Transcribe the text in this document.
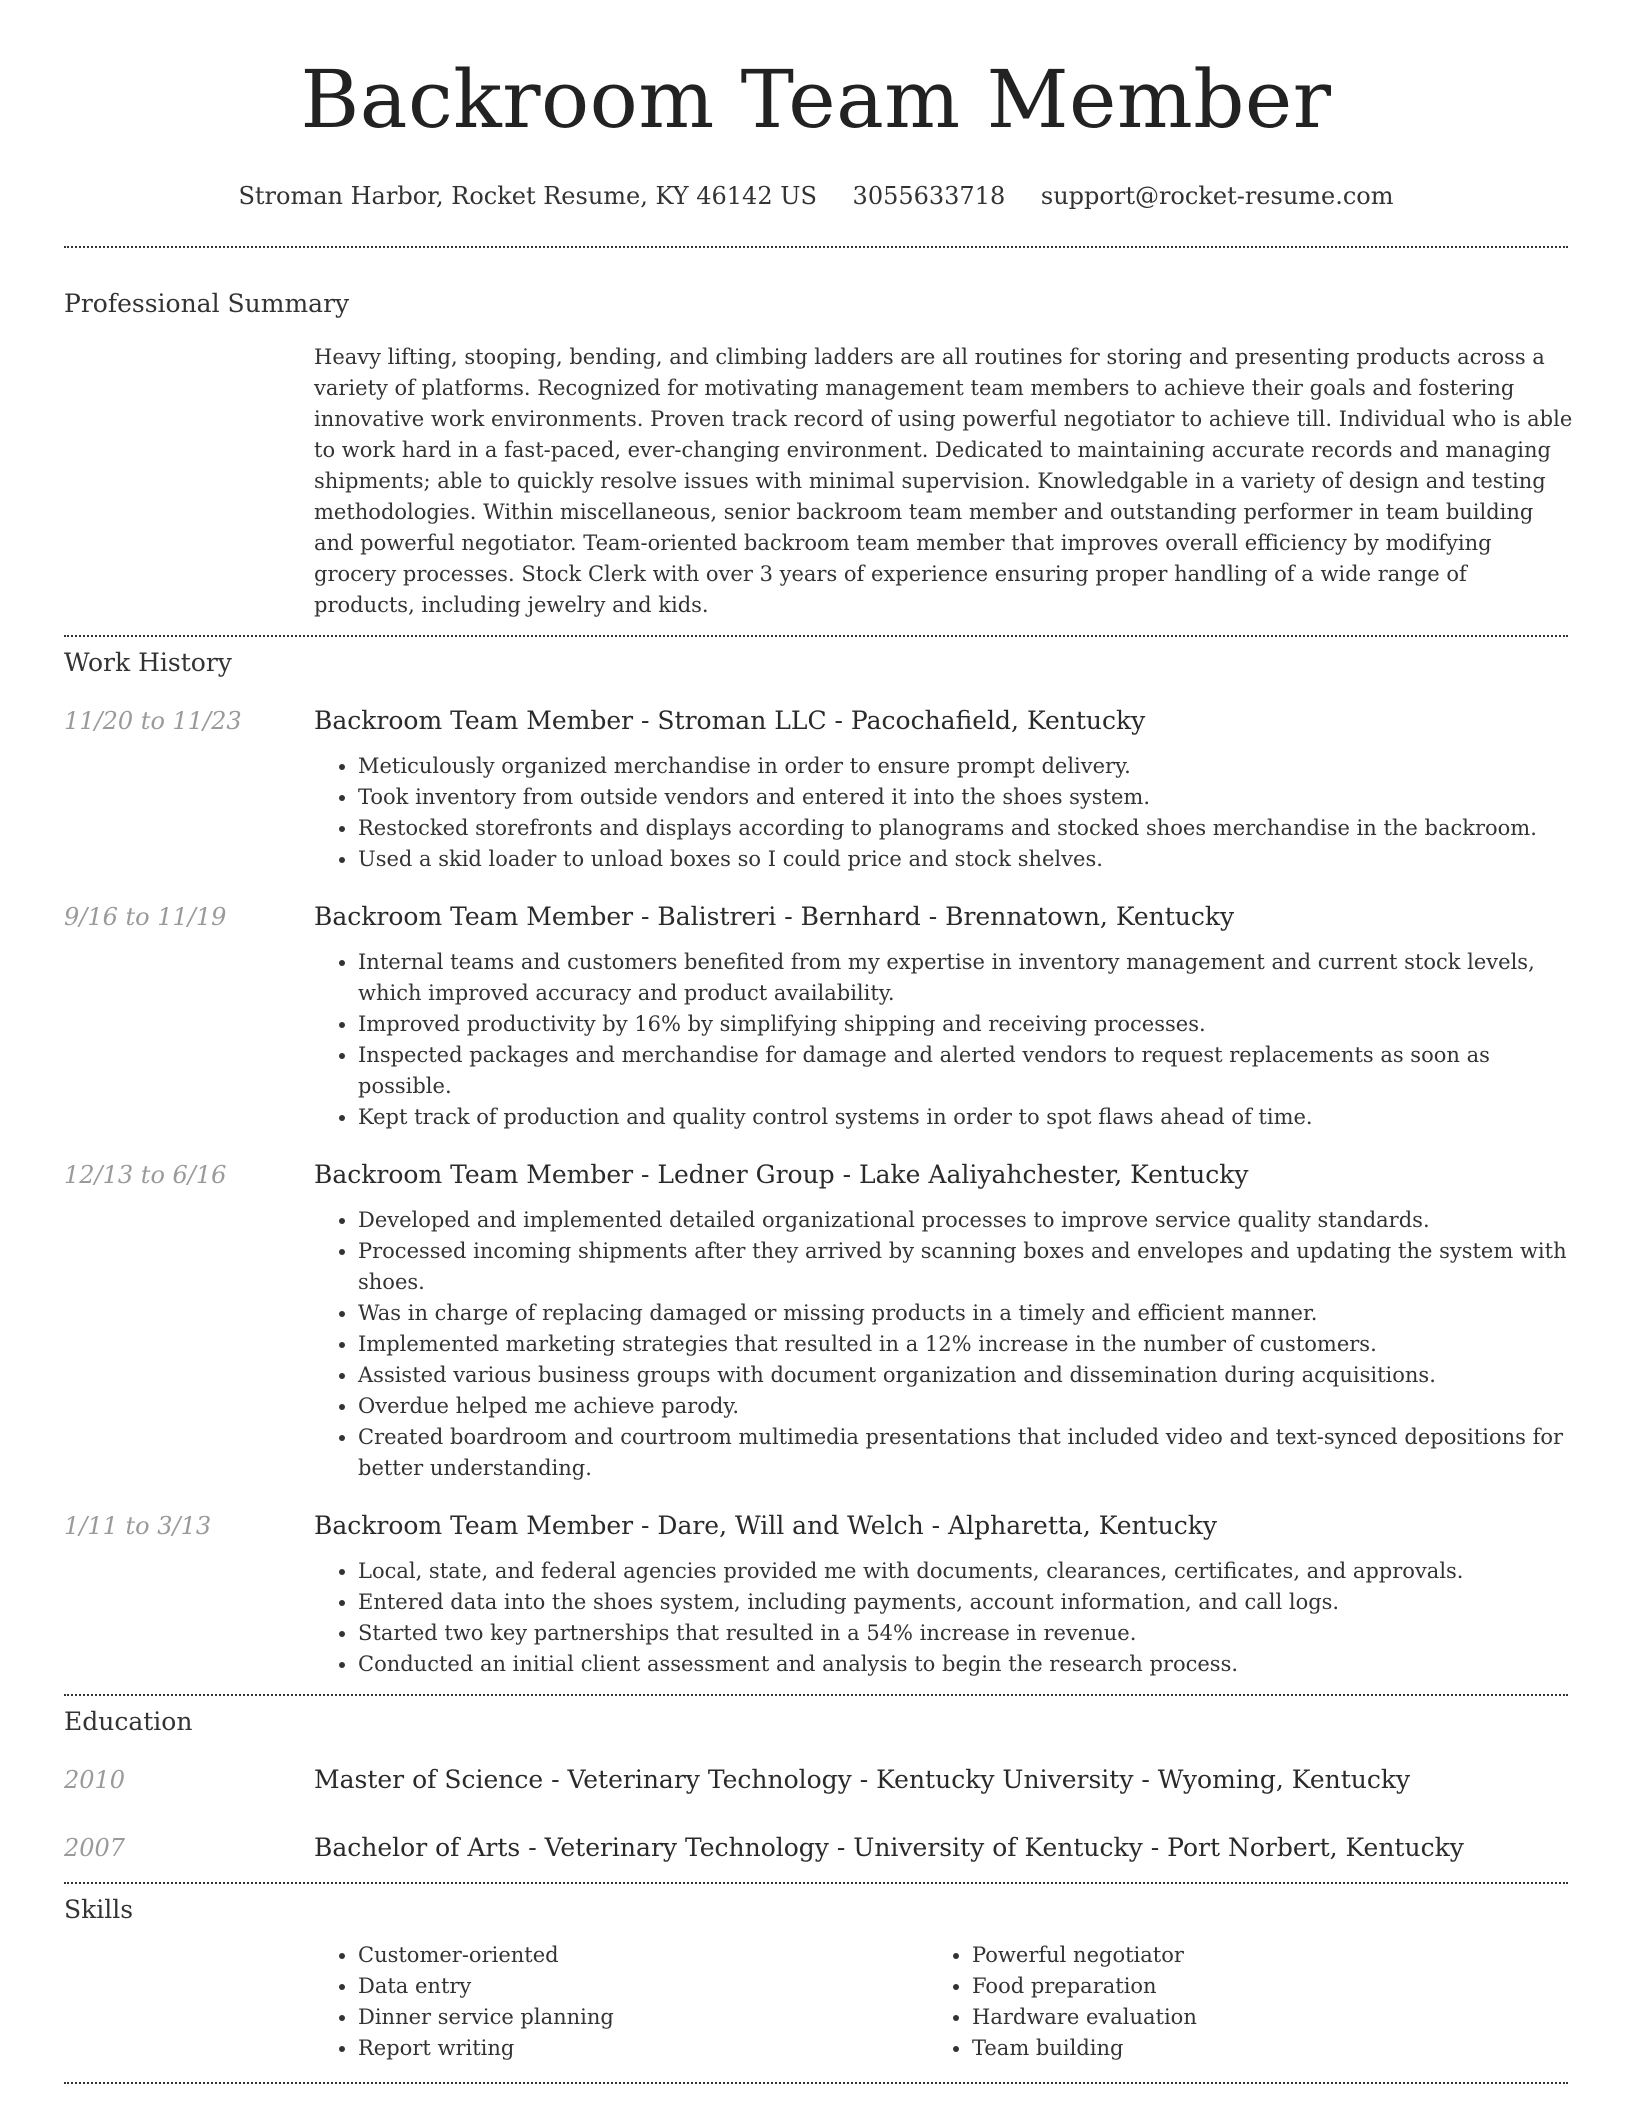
Backroom Team Member
Stroman Harbor, Rocket Resume, KY 46142 US 3055633718 support@rocket-resume.com
Professional Summary
Heavy lifting, stooping, bending, and climbing ladders are all routines for storing and presenting products across a variety of platforms. Recognized for motivating management team members to achieve their goals and fostering innovative work environments. Proven track record of using powerful negotiator to achieve till. Individual who is able to work hard in a fast-paced, ever-changing environment. Dedicated to maintaining accurate records and managing shipments; able to quickly resolve issues with minimal supervision. Knowledgable in a variety of design and testing methodologies. Within miscellaneous, senior backroom team member and outstanding performer in team building and powerful negotiator. Team-oriented backroom team member that improves overall efficiency by modifying grocery processes. Stock Clerk with over 3 years of experience ensuring proper handling of a wide range of products, including jewelry and kids.
Work History
11/20 to 11/23	Backroom Team Member - Stroman LLC - Pacochafield, Kentucky
• Meticulously organized merchandise in order to ensure prompt delivery.
• Took inventory from outside vendors and entered it into the shoes system.
• Restocked storefronts and displays according to planograms and stocked shoes merchandise in the backroom.
• Used a skid loader to unload boxes so I could price and stock shelves.
9/16 to 11/19	Backroom Team Member - Balistreri - Bernhard - Brennatown, Kentucky
• Internal teams and customers benefited from my expertise in inventory management and current stock levels, which improved accuracy and product availability.
• Improved productivity by 16% by simplifying shipping and receiving processes.
• Inspected packages and merchandise for damage and alerted vendors to request replacements as soon as possible.
• Kept track of production and quality control systems in order to spot flaws ahead of time.
12/13 to 6/16	Backroom Team Member - Ledner Group - Lake Aaliyahchester, Kentucky
• Developed and implemented detailed organizational processes to improve service quality standards.
• Processed incoming shipments after they arrived by scanning boxes and envelopes and updating the system with shoes.
• Was in charge of replacing damaged or missing products in a timely and efficient manner.
• Implemented marketing strategies that resulted in a 12% increase in the number of customers.
• Assisted various business groups with document organization and dissemination during acquisitions.
• Overdue helped me achieve parody.
• Created boardroom and courtroom multimedia presentations that included video and text-synced depositions for better understanding.
1/11 to 3/13	Backroom Team Member - Dare, Will and Welch - Alpharetta, Kentucky
• Local, state, and federal agencies provided me with documents, clearances, certificates, and approvals.
• Entered data into the shoes system, including payments, account information, and call logs.
• Started two key partnerships that resulted in a 54% increase in revenue.
• Conducted an initial client assessment and analysis to begin the research process.
Education
2010	Master of Science - Veterinary Technology - Kentucky University - Wyoming, Kentucky
2007	Bachelor of Arts - Veterinary Technology - University of Kentucky - Port Norbert, Kentucky
Skills
• Customer-oriented
• Data entry
• Dinner service planning
• Report writing
• Powerful negotiator
• Food preparation
• Hardware evaluation
• Team building
